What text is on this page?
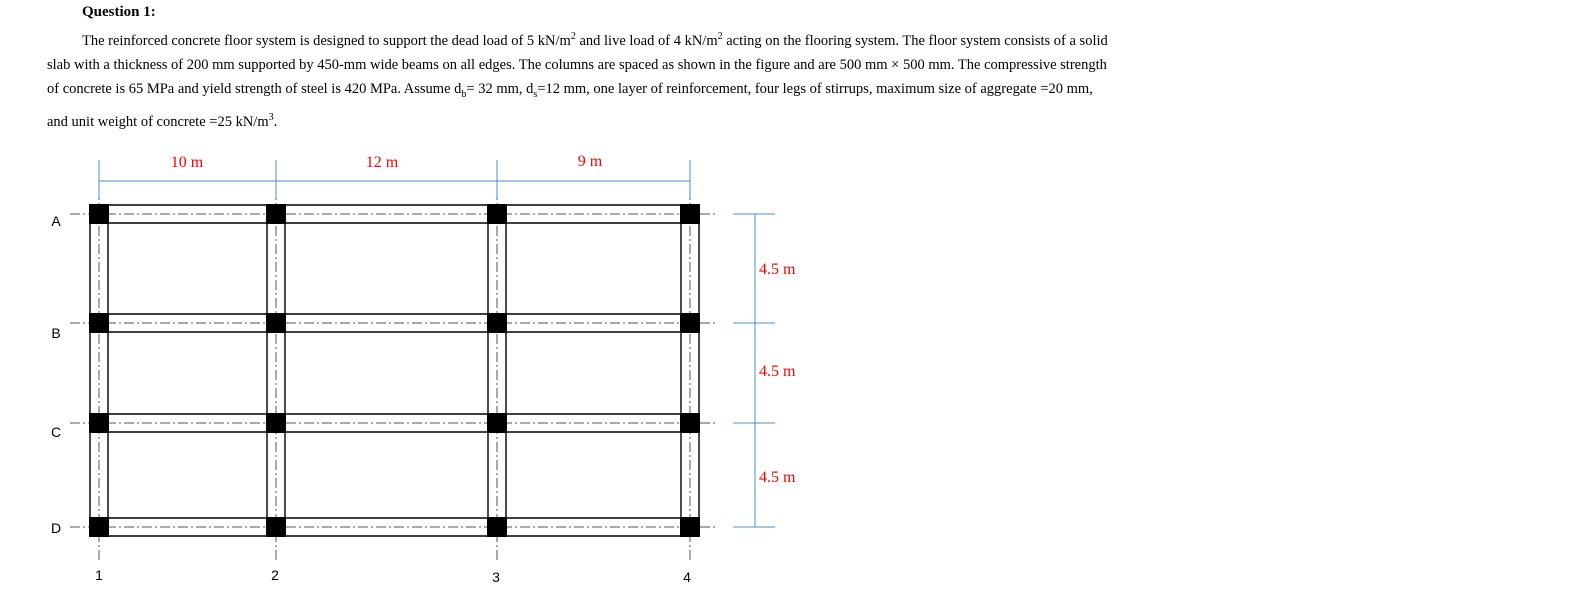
Question 1:
The reinforced concrete floor system is designed to support the dead load of 5 $kN/m^2$ and live load of 4 $kN/m^2$ acting on the flooring system. The floor system consists of a solid
slab with a thickness of 200 mm supported by 450-mm wide beams on all edges. The columns are spaced as shown in the figure and are 500 mm × 500 mm. The compressive strength
of concrete is 65 MPa and yield strength of steel is 420 MPa. Assume $d_b= 32$ mm, $d_s=12$ mm, one layer of reinforcement, four legs of stirrups, maximum size of aggregate =20 mm,
and unit weight of concrete =25 $kN/m^3$.
10 m	12 m	9 m
4.5 m
4.5 m
4.5 m
A
B
C
D
1	2	3	4
